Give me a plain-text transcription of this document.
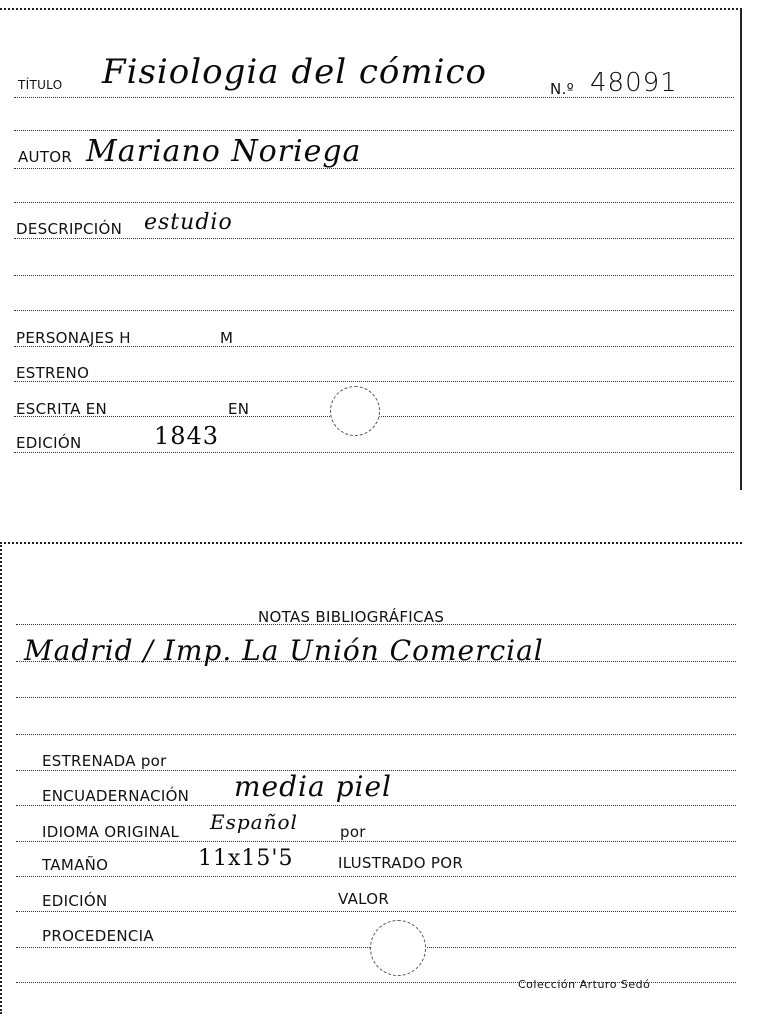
TÍTULO Fisiologia del cómico	N.º 48091
AUTOR Mariano Noriega
DESCRIPCIÓN estudio
PERSONAJES H	M
ESTRENO
ESCRITA EN	EN
EDICIÓN	1843
NOTAS BIBLIOGRÁFICAS
Madrid / Imp. La Unión Comercial
ESTRENADA por
ENCUADERNACIÓN media piel
IDIOMA ORIGINAL Español	por
TAMAÑO	11x15'5	ILUSTRADO POR
EDICIÓN	VALOR
PROCEDENCIA
Colección Arturo Sedó
